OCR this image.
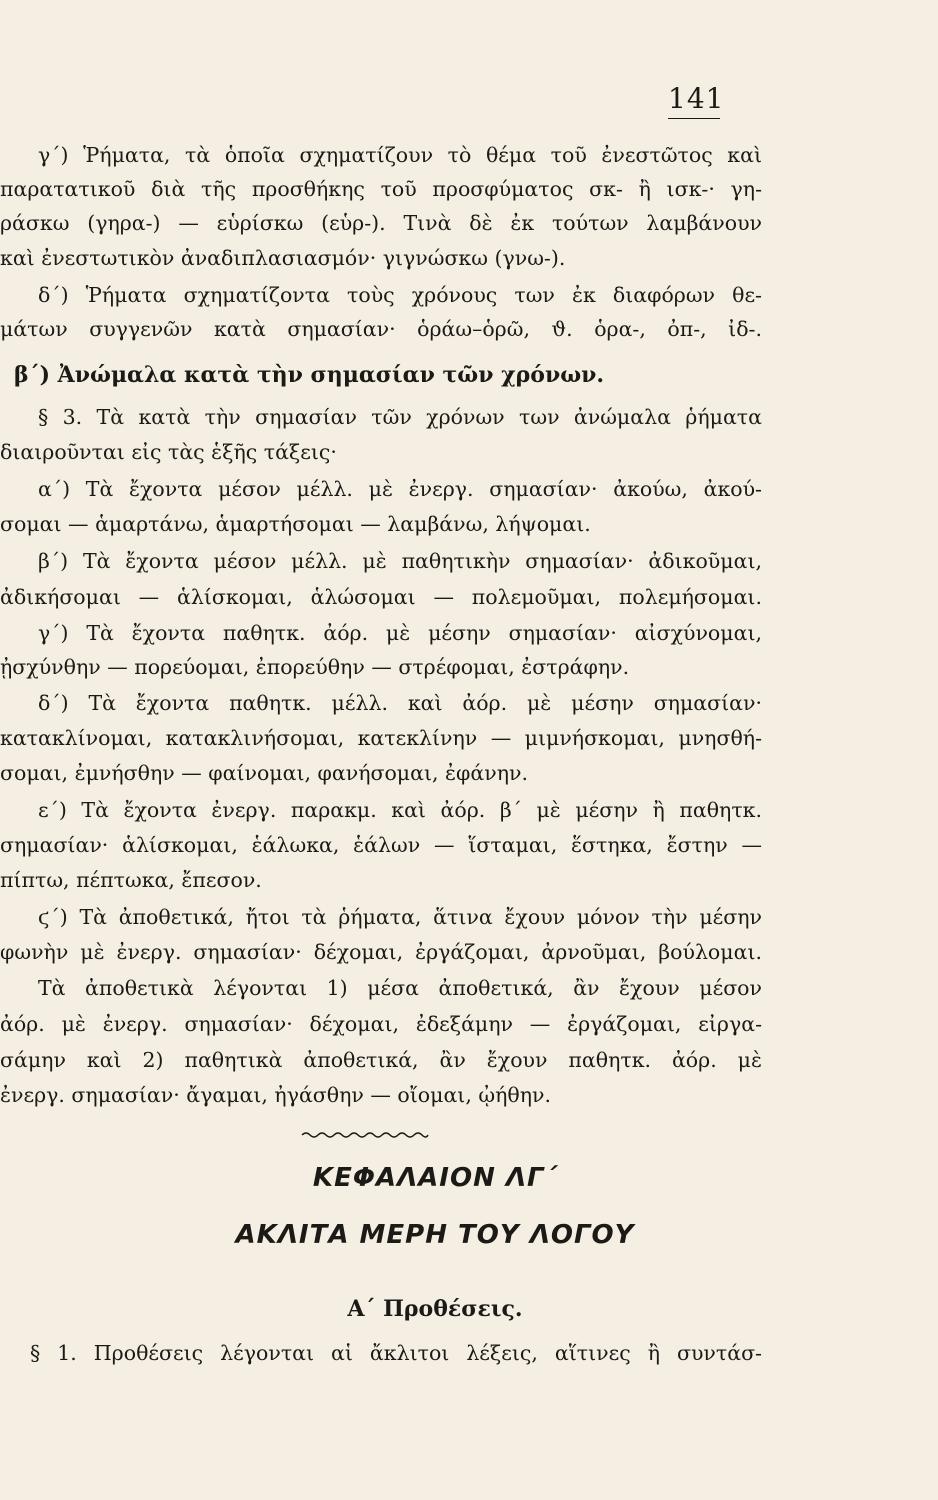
141
γ΄) Ῥήματα, τὰ ὁποῖα σχηματίζουν τὸ θέμα τοῦ ἐνεστῶτος καὶ
παρατατικοῦ διὰ τῆς προσθήκης τοῦ προσφύματος σκ- ἢ ισκ-· γη-
ράσκω (γηρα-) — εὑρίσκω (εὑρ-). Τινὰ δὲ ἐκ τούτων λαμβάνουν
καὶ ἐνεστωτικὸν ἀναδιπλασιασμόν· γιγνώσκω (γνω-).
δ΄) Ῥήματα σχηματίζοντα τοὺς χρόνους των ἐκ διαφόρων θε-
μάτων συγγενῶν κατὰ σημασίαν· ὁράω–ὁρῶ, ϑ. ὁρα-, ὀπ-, ἰδ-.
β΄) Ἀνώμαλα κατὰ τὴν σημασίαν τῶν χρόνων.
§ 3. Τὰ κατὰ τὴν σημασίαν τῶν χρόνων των ἀνώμαλα ῥήματα
διαιροῦνται εἰς τὰς ἑξῆς τάξεις·
α΄) Τὰ ἔχοντα μέσον μέλλ. μὲ ἐνεργ. σημασίαν· ἀκούω, ἀκού-
σομαι — ἁμαρτάνω, ἁμαρτήσομαι — λαμβάνω, λήψομαι.
β΄) Τὰ ἔχοντα μέσον μέλλ. μὲ παθητικὴν σημασίαν· ἀδικοῦμαι,
ἀδικήσομαι — ἁλίσκομαι, ἁλώσομαι — πολεμοῦμαι, πολεμήσομαι.
γ΄) Τὰ ἔχοντα παθητκ. ἀόρ. μὲ μέσην σημασίαν· αἰσχύνομαι,
ᾐσχύνθην — πορεύομαι, ἐπορεύθην — στρέφομαι, ἐστράφην.
δ΄) Τὰ ἔχοντα παθητκ. μέλλ. καὶ ἀόρ. μὲ μέσην σημασίαν·
κατακλίνομαι, κατακλινήσομαι, κατεκλίνην — μιμνήσκομαι, μνησθή-
σομαι, ἐμνήσθην — φαίνομαι, φανήσομαι, ἐφάνην.
ε΄) Τὰ ἔχοντα ἐνεργ. παρακμ. καὶ ἀόρ. β΄ μὲ μέσην ἢ παθητκ.
σημασίαν· ἁλίσκομαι, ἑάλωκα, ἑάλων — ἵσταμαι, ἕστηκα, ἔστην —
πίπτω, πέπτωκα, ἔπεσον.
ϛ΄) Τὰ ἀποθετικά, ἤτοι τὰ ῥήματα, ἅτινα ἔχουν μόνον τὴν μέσην
φωνὴν μὲ ἐνεργ. σημασίαν· δέχομαι, ἐργάζομαι, ἀρνοῦμαι, βούλομαι.
Τὰ ἀποθετικὰ λέγονται 1) μέσα ἀποθετικά, ἂν ἔχουν μέσον
ἀόρ. μὲ ἐνεργ. σημασίαν· δέχομαι, ἐδεξάμην — ἐργάζομαι, εἰργα-
σάμην καὶ 2) παθητικὰ ἀποθετικά, ἂν ἔχουν παθητκ. ἀόρ. μὲ
ἐνεργ. σημασίαν· ἄγαμαι, ἠγάσθην — οἴομαι, ᾠήθην.
ΚΕΦΑΛΑΙΟΝ ΛΓ΄
ΑΚΛΙΤΑ ΜΕΡΗ ΤΟΥ ΛΟΓΟΥ
Α΄ Προθέσεις.
§ 1. Προθέσεις λέγονται αἱ ἄκλιτοι λέξεις, αἵτινες ἢ συντάσ-
